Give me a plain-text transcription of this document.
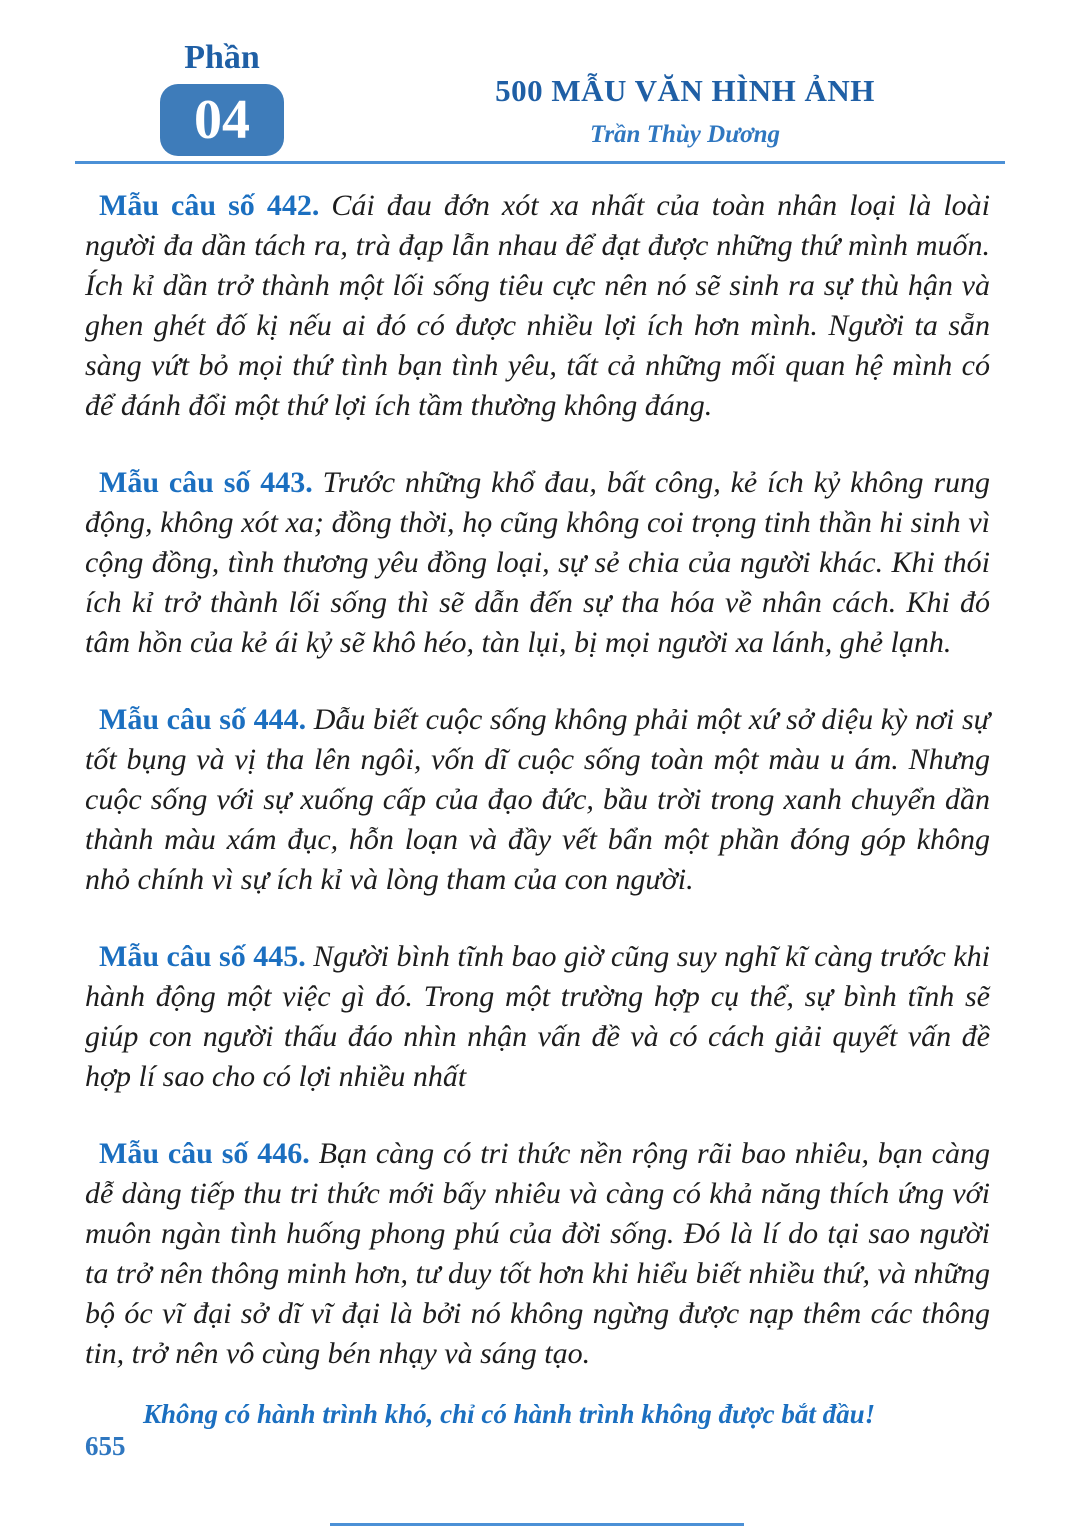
Phần
04	500 MẪU VĂN HÌNH ẢNH
Trần Thùy Dương

Mẫu câu số 442. Cái đau đớn xót xa nhất của toàn nhân loại là loài người đa dần tách ra, trà đạp lẫn nhau để đạt được những thứ mình muốn. Ích kỉ dần trở thành một lối sống tiêu cực nên nó sẽ sinh ra sự thù hận và ghen ghét đố kị nếu ai đó có được nhiều lợi ích hơn mình. Người ta sẵn sàng vứt bỏ mọi thứ tình bạn tình yêu, tất cả những mối quan hệ mình có để đánh đổi một thứ lợi ích tầm thường không đáng.

Mẫu câu số 443. Trước những khổ đau, bất công, kẻ ích kỷ không rung động, không xót xa; đồng thời, họ cũng không coi trọng tinh thần hi sinh vì cộng đồng, tình thương yêu đồng loại, sự sẻ chia của người khác. Khi thói ích kỉ trở thành lối sống thì sẽ dẫn đến sự tha hóa về nhân cách. Khi đó tâm hồn của kẻ ái kỷ sẽ khô héo, tàn lụi, bị mọi người xa lánh, ghẻ lạnh.

Mẫu câu số 444. Dẫu biết cuộc sống không phải một xứ sở diệu kỳ nơi sự tốt bụng và vị tha lên ngôi, vốn dĩ cuộc sống toàn một màu u ám. Nhưng cuộc sống với sự xuống cấp của đạo đức, bầu trời trong xanh chuyển dần thành màu xám đục, hỗn loạn và đầy vết bẩn một phần đóng góp không nhỏ chính vì sự ích kỉ và lòng tham của con người.

Mẫu câu số 445. Người bình tĩnh bao giờ cũng suy nghĩ kĩ càng trước khi hành động một việc gì đó. Trong một trường hợp cụ thể, sự bình tĩnh sẽ giúp con người thấu đáo nhìn nhận vấn đề và có cách giải quyết vấn đề hợp lí sao cho có lợi nhiều nhất

Mẫu câu số 446. Bạn càng có tri thức nền rộng rãi bao nhiêu, bạn càng dễ dàng tiếp thu tri thức mới bấy nhiêu và càng có khả năng thích ứng với muôn ngàn tình huống phong phú của đời sống. Đó là lí do tại sao người ta trở nên thông minh hơn, tư duy tốt hơn khi hiểu biết nhiều thứ, và những bộ óc vĩ đại sở dĩ vĩ đại là bởi nó không ngừng được nạp thêm các thông tin, trở nên vô cùng bén nhạy và sáng tạo.

Không có hành trình khó, chỉ có hành trình không được bắt đầu!
655
